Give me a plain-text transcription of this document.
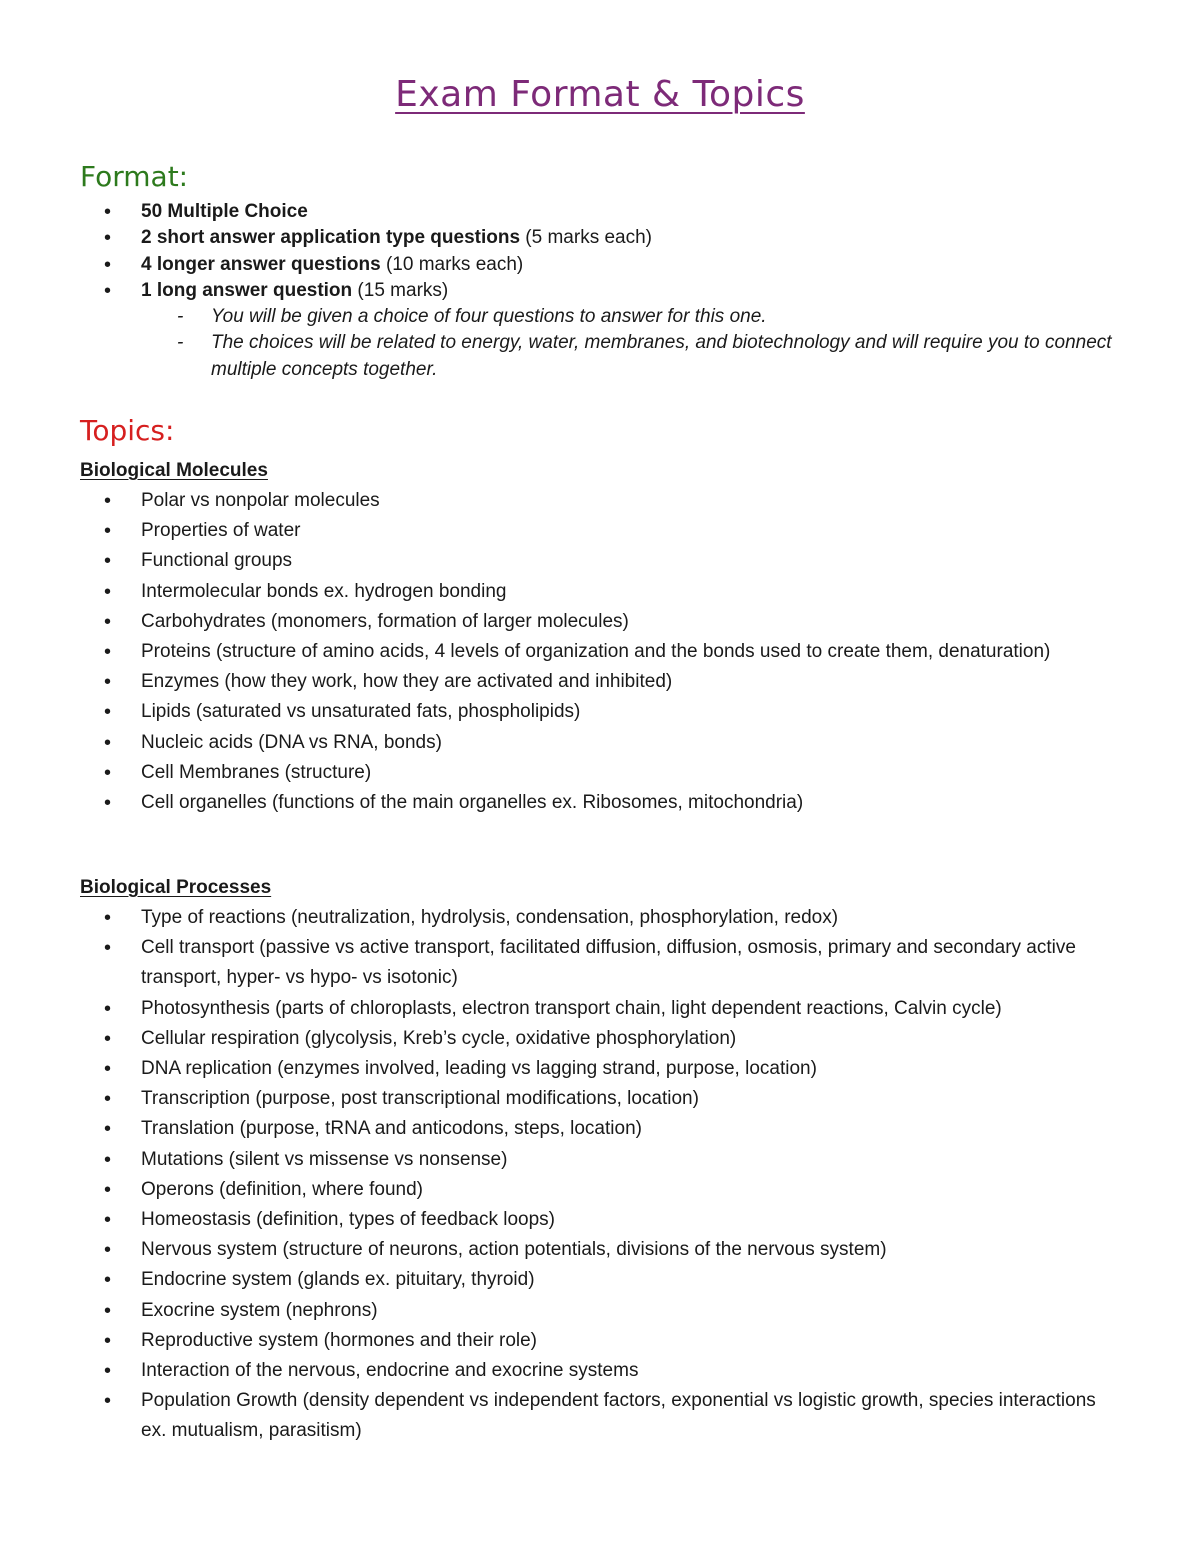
Exam Format & Topics
Format:
• 50 Multiple Choice
• 2 short answer application type questions (5 marks each)
• 4 longer answer questions (10 marks each)
• 1 long answer question (15 marks)
- You will be given a choice of four questions to answer for this one.
- The choices will be related to energy, water, membranes, and biotechnology and will require you to connect multiple concepts together.
Topics:
Biological Molecules
• Polar vs nonpolar molecules
• Properties of water
• Functional groups
• Intermolecular bonds ex. hydrogen bonding
• Carbohydrates (monomers, formation of larger molecules)
• Proteins (structure of amino acids, 4 levels of organization and the bonds used to create them, denaturation)
• Enzymes (how they work, how they are activated and inhibited)
• Lipids (saturated vs unsaturated fats, phospholipids)
• Nucleic acids (DNA vs RNA, bonds)
• Cell Membranes (structure)
• Cell organelles (functions of the main organelles ex. Ribosomes, mitochondria)
Biological Processes
• Type of reactions (neutralization, hydrolysis, condensation, phosphorylation, redox)
• Cell transport (passive vs active transport, facilitated diffusion, diffusion, osmosis, primary and secondary active transport, hyper- vs hypo- vs isotonic)
• Photosynthesis (parts of chloroplasts, electron transport chain, light dependent reactions, Calvin cycle)
• Cellular respiration (glycolysis, Kreb’s cycle, oxidative phosphorylation)
• DNA replication (enzymes involved, leading vs lagging strand, purpose, location)
• Transcription (purpose, post transcriptional modifications, location)
• Translation (purpose, tRNA and anticodons, steps, location)
• Mutations (silent vs missense vs nonsense)
• Operons (definition, where found)
• Homeostasis (definition, types of feedback loops)
• Nervous system (structure of neurons, action potentials, divisions of the nervous system)
• Endocrine system (glands ex. pituitary, thyroid)
• Exocrine system (nephrons)
• Reproductive system (hormones and their role)
• Interaction of the nervous, endocrine and exocrine systems
• Population Growth (density dependent vs independent factors, exponential vs logistic growth, species interactions ex. mutualism, parasitism)
